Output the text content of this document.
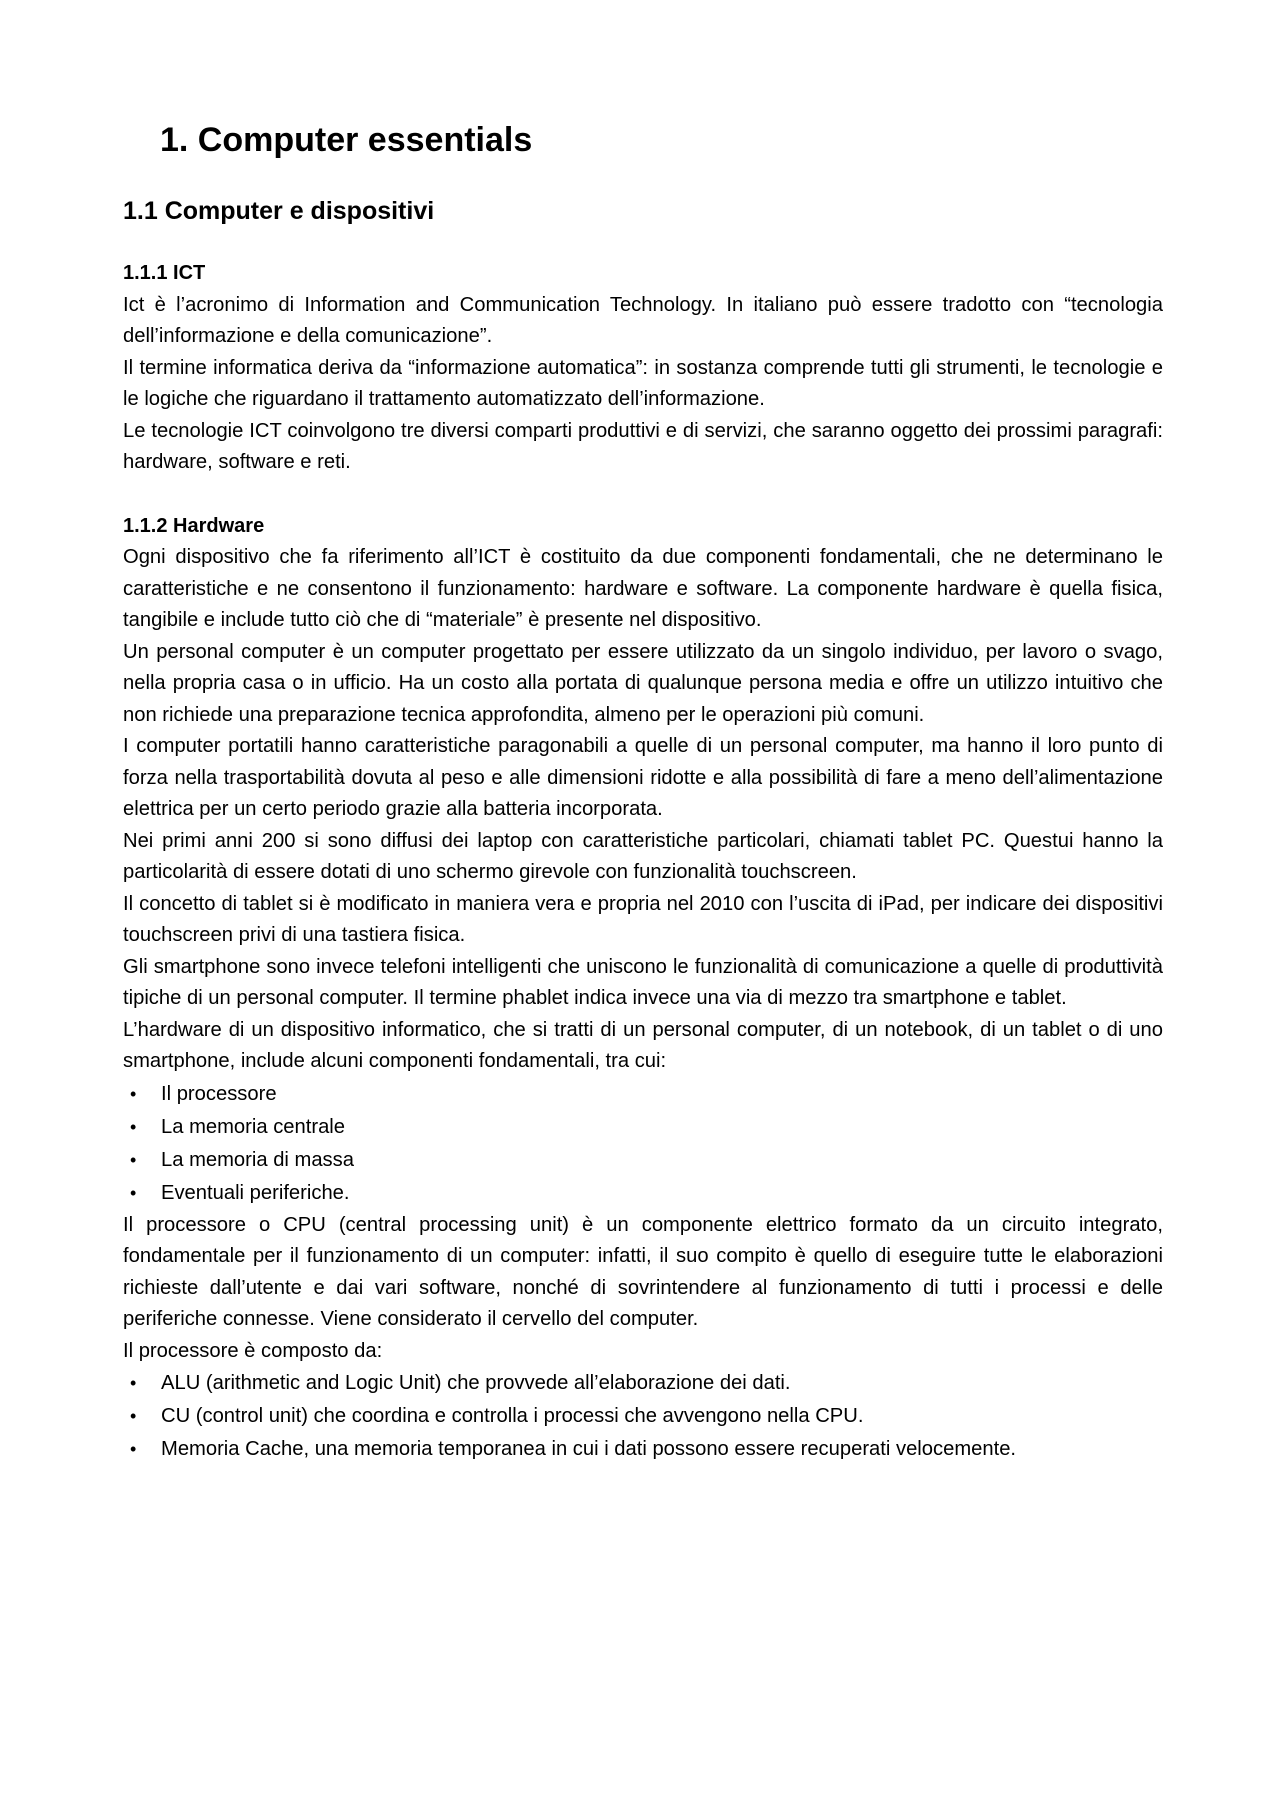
1. Computer essentials
1.1 Computer e dispositivi
1.1.1 ICT

Ict è l’acronimo di Information and Communication Technology. In italiano può essere tradotto con “tecnologia dell’informazione e della comunicazione”.

Il termine informatica deriva da “informazione automatica”: in sostanza comprende tutti gli strumenti, le tecnologie e le logiche che riguardano il trattamento automatizzato dell’informazione.

Le tecnologie ICT coinvolgono tre diversi comparti produttivi e di servizi, che saranno oggetto dei prossimi paragrafi: hardware, software e reti.

1.1.2 Hardware

Ogni dispositivo che fa riferimento all’ICT è costituito da due componenti fondamentali, che ne determinano le caratteristiche e ne consentono il funzionamento: hardware e software. La componente hardware è quella fisica, tangibile e include tutto ciò che di “materiale” è presente nel dispositivo.

Un personal computer è un computer progettato per essere utilizzato da un singolo individuo, per lavoro o svago, nella propria casa o in ufficio. Ha un costo alla portata di qualunque persona media e offre un utilizzo intuitivo che non richiede una preparazione tecnica approfondita, almeno per le operazioni più comuni.

I computer portatili hanno caratteristiche paragonabili a quelle di un personal computer, ma hanno il loro punto di forza nella trasportabilità dovuta al peso e alle dimensioni ridotte e alla possibilità di fare a meno dell’alimentazione elettrica per un certo periodo grazie alla batteria incorporata.

Nei primi anni 200 si sono diffusi dei laptop con caratteristiche particolari, chiamati tablet PC. Questui hanno la particolarità di essere dotati di uno schermo girevole con funzionalità touchscreen.

Il concetto di tablet si è modificato in maniera vera e propria nel 2010 con l’uscita di iPad, per indicare dei dispositivi touchscreen privi di una tastiera fisica.

Gli smartphone sono invece telefoni intelligenti che uniscono le funzionalità di comunicazione a quelle di produttività tipiche di un personal computer. Il termine phablet indica invece una via di mezzo tra smartphone e tablet.

L’hardware di un dispositivo informatico, che si tratti di un personal computer, di un notebook, di un tablet o di uno smartphone, include alcuni componenti fondamentali, tra cui:

• Il processore
• La memoria centrale
• La memoria di massa
• Eventuali periferiche.

Il processore o CPU (central processing unit) è un componente elettrico formato da un circuito integrato, fondamentale per il funzionamento di un computer: infatti, il suo compito è quello di eseguire tutte le elaborazioni richieste dall’utente e dai vari software, nonché di sovrintendere al funzionamento di tutti i processi e delle periferiche connesse. Viene considerato il cervello del computer.

Il processore è composto da:

• ALU (arithmetic and Logic Unit) che provvede all’elaborazione dei dati.
• CU (control unit) che coordina e controlla i processi che avvengono nella CPU.
• Memoria Cache, una memoria temporanea in cui i dati possono essere recuperati velocemente.
